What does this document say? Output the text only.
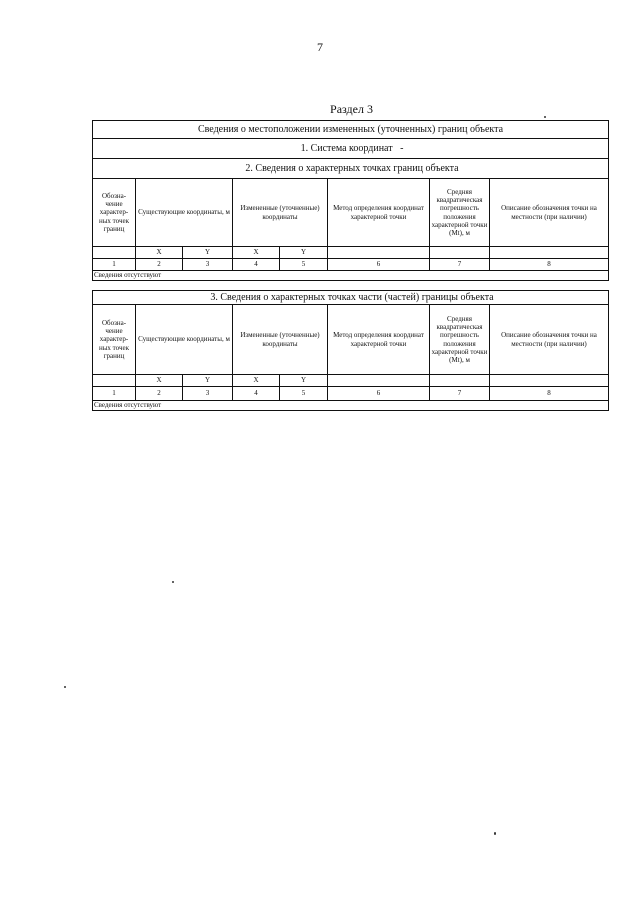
7
Раздел 3
Сведения о местоположении измененных (уточненных) границ объекта							
1. Система координат -							
2. Сведения о характерных точках границ объекта							
Обозна-чение характер-ных точек границ	Существующие координаты, м		Измененные (уточненные) координаты		Метод определения координат характерной точки	Средняя квадратическая погрешность положения характерной точки (Mt), м	Описание обозначения точки на местности (при наличии)

	X	Y	X	Y			
1	2	3	4	5	6	7	8
Сведения отсутствуют							
3. Сведения о характерных точках части (частей) границы объекта							
Обозна-чение характер-ных точек границ	Существующие координаты, м		Измененные (уточненные) координаты		Метод определения координат характерной точки	Средняя квадратическая погрешность положения характерной точки (Mt), м	Описание обозначения точки на местности (при наличии)
	X	Y	X	Y			
1	2	3	4	5	6	7	8
Сведения отсутствуют							
